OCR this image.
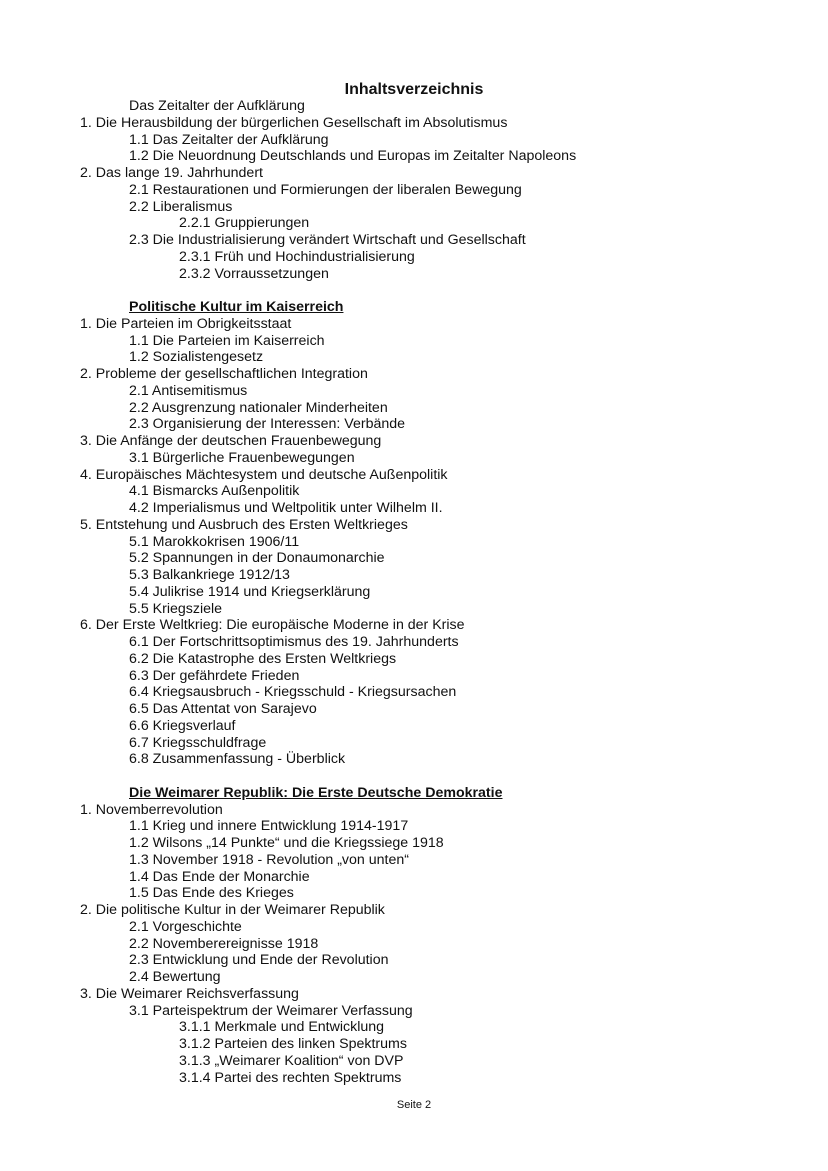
Inhaltsverzeichnis
Das Zeitalter der Aufklärung
1. Die Herausbildung der bürgerlichen Gesellschaft im Absolutismus
1.1 Das Zeitalter der Aufklärung
1.2 Die Neuordnung Deutschlands und Europas im Zeitalter Napoleons
2. Das lange 19. Jahrhundert
2.1 Restaurationen und Formierungen der liberalen Bewegung
2.2 Liberalismus
2.2.1 Gruppierungen
2.3 Die Industrialisierung verändert Wirtschaft und Gesellschaft
2.3.1 Früh und Hochindustrialisierung
2.3.2 Vorraussetzungen
Politische Kultur im Kaiserreich
1. Die Parteien im Obrigkeitsstaat
1.1 Die Parteien im Kaiserreich
1.2 Sozialistengesetz
2. Probleme der gesellschaftlichen Integration
2.1 Antisemitismus
2.2 Ausgrenzung nationaler Minderheiten
2.3 Organisierung der Interessen: Verbände
3. Die Anfänge der deutschen Frauenbewegung
3.1 Bürgerliche Frauenbewegungen
4. Europäisches Mächtesystem und deutsche Außenpolitik
4.1 Bismarcks Außenpolitik
4.2 Imperialismus und Weltpolitik unter Wilhelm II.
5. Entstehung und Ausbruch des Ersten Weltkrieges
5.1 Marokkokrisen 1906/11
5.2 Spannungen in der Donaumonarchie
5.3 Balkankriege 1912/13
5.4 Julikrise 1914 und Kriegserklärung
5.5 Kriegsziele
6. Der Erste Weltkrieg: Die europäische Moderne in der Krise
6.1 Der Fortschrittsoptimismus des 19. Jahrhunderts
6.2 Die Katastrophe des Ersten Weltkriegs
6.3 Der gefährdete Frieden
6.4 Kriegsausbruch - Kriegsschuld - Kriegsursachen
6.5 Das Attentat von Sarajevo
6.6 Kriegsverlauf
6.7 Kriegsschuldfrage
6.8 Zusammenfassung - Überblick
Die Weimarer Republik: Die Erste Deutsche Demokratie
1. Novemberrevolution
1.1 Krieg und innere Entwicklung 1914-1917
1.2 Wilsons „14 Punkte“ und die Kriegssiege 1918
1.3 November 1918 - Revolution „von unten“
1.4 Das Ende der Monarchie
1.5 Das Ende des Krieges
2. Die politische Kultur in der Weimarer Republik
2.1 Vorgeschichte
2.2 Novemberereignisse 1918
2.3 Entwicklung und Ende der Revolution
2.4 Bewertung
3. Die Weimarer Reichsverfassung
3.1 Parteispektrum der Weimarer Verfassung
3.1.1 Merkmale und Entwicklung
3.1.2 Parteien des linken Spektrums
3.1.3 „Weimarer Koalition“ von DVP
3.1.4 Partei des rechten Spektrums
Seite 2
